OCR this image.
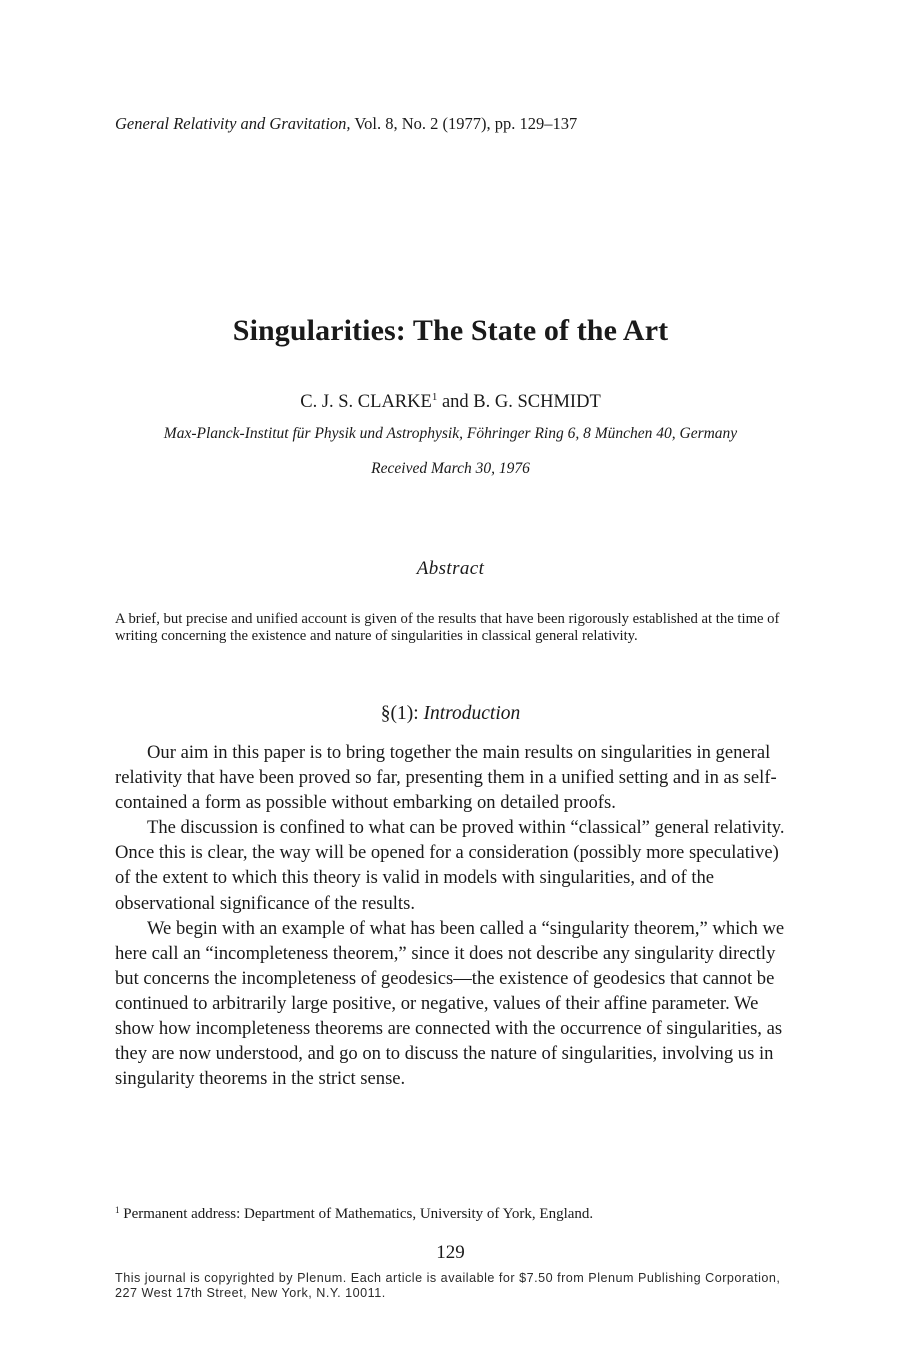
General Relativity and Gravitation, Vol. 8, No. 2 (1977), pp. 129–137
Singularities: The State of the Art
C. J. S. CLARKE$^1$ and B. G. SCHMIDT
Max-Planck-Institut für Physik und Astrophysik, Föhringer Ring 6, 8 München 40, Germany
Received March 30, 1976
Abstract
A brief, but precise and unified account is given of the results that have been rigorously established at the time of writing concerning the existence and nature of singularities in classical general relativity.
§(1): Introduction

Our aim in this paper is to bring together the main results on singularities in general relativity that have been proved so far, presenting them in a unified setting and in as self-contained a form as possible without embarking on detailed proofs.

The discussion is confined to what can be proved within “classical” general relativity. Once this is clear, the way will be opened for a consideration (possibly more speculative) of the extent to which this theory is valid in models with singularities, and of the observational significance of the results.

We begin with an example of what has been called a “singularity theorem,” which we here call an “incompleteness theorem,” since it does not describe any singularity directly but concerns the incompleteness of geodesics—the existence of geodesics that cannot be continued to arbitrarily large positive, or negative, values of their affine parameter. We show how incompleteness theorems are connected with the occurrence of singularities, as they are now understood, and go on to discuss the nature of singularities, involving us in singularity theorems in the strict sense.

$^1$ Permanent address: Department of Mathematics, University of York, England.
129
This journal is copyrighted by Plenum. Each article is available for $7.50 from Plenum Publishing Corporation, 227 West 17th Street, New York, N.Y. 10011.
